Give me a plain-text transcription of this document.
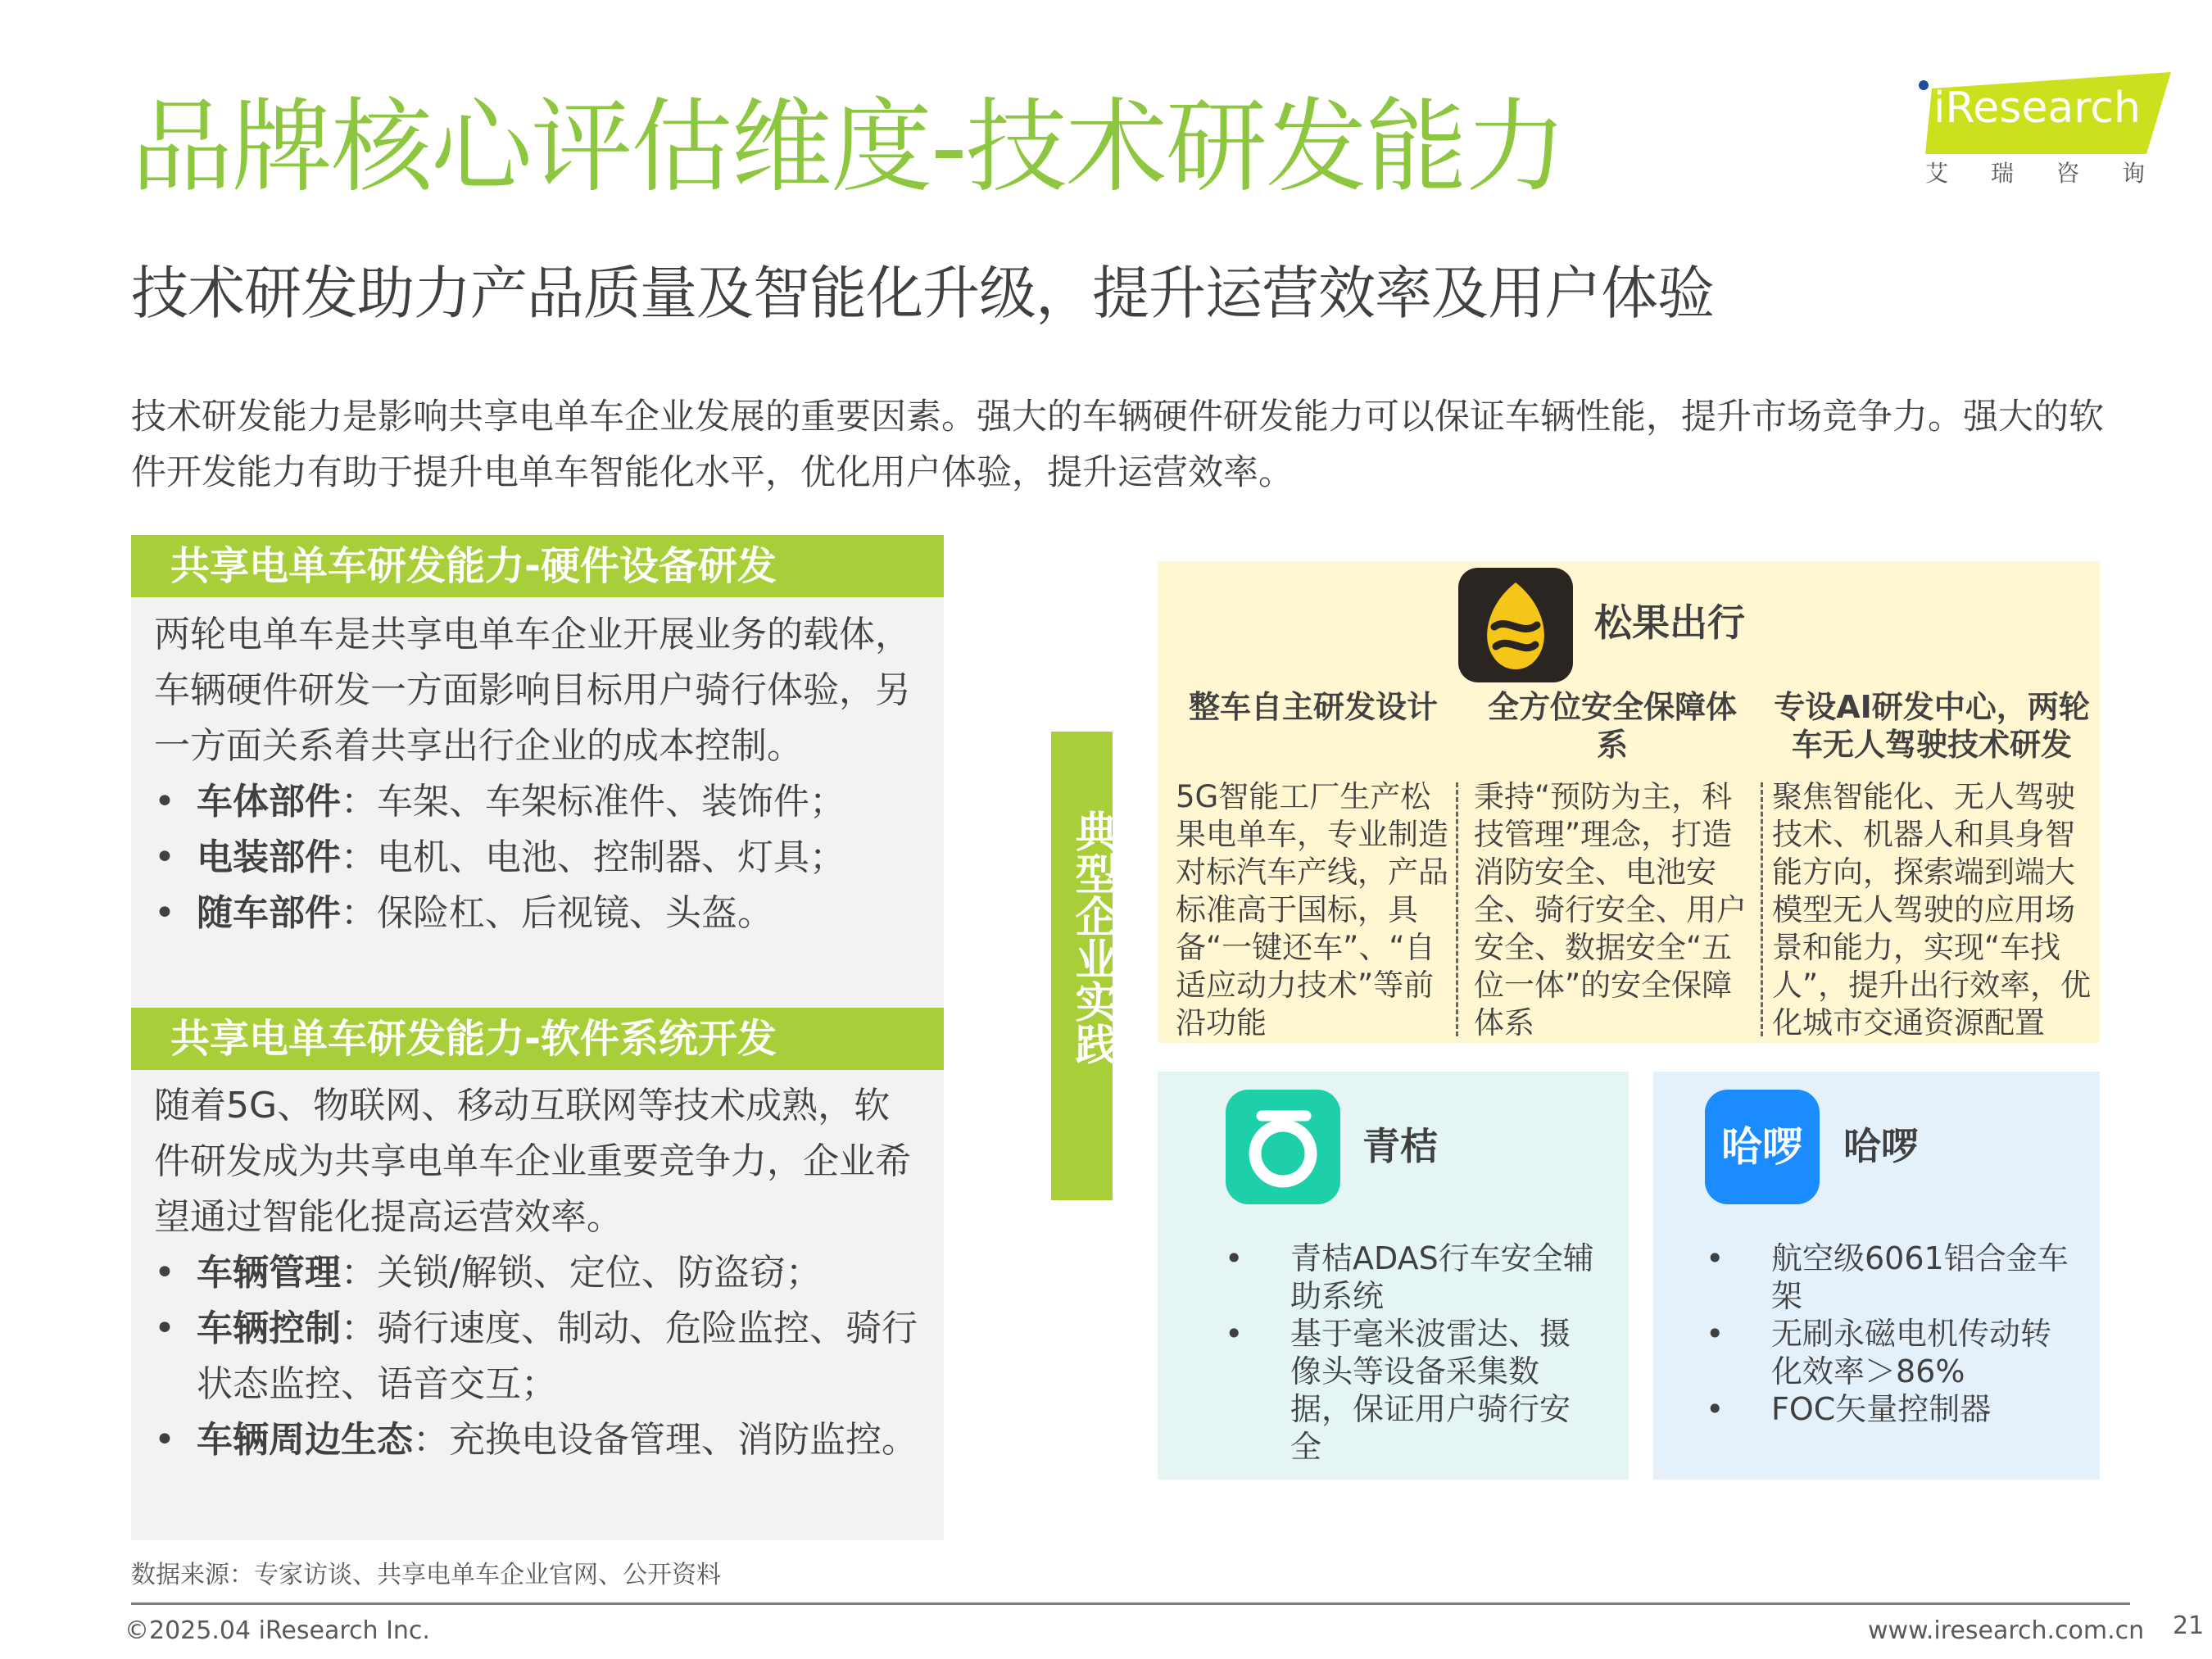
品牌核心评估维度-技术研发能力
技术研发助力产品质量及智能化升级，提升运营效率及用户体验
技术研发能力是影响共享电单车企业发展的重要因素。强大的车辆硬件研发能力可以保证车辆性能，提升市场竞争力。强大的软件开发能力有助于提升电单车智能化水平，优化用户体验，提升运营效率。
iResearch
艾瑞咨询
共享电单车研发能力-硬件设备研发
两轮电单车是共享电单车企业开展业务的载体，车辆硬件研发一方面影响目标用户骑行体验，另一方面关系着共享出行企业的成本控制。
• 车体部件：车架、车架标准件、装饰件；
• 电装部件：电机、电池、控制器、灯具；
• 随车部件：保险杠、后视镜、头盔。
共享电单车研发能力-软件系统开发
随着5G、物联网、移动互联网等技术成熟，软件研发成为共享电单车企业重要竞争力，企业希望通过智能化提高运营效率。
• 车辆管理：关锁/解锁、定位、防盗窃；
• 车辆控制：骑行速度、制动、危险监控、骑行状态监控、语音交互；
• 车辆周边生态：充换电设备管理、消防监控。
典型企业实践
松果出行
整车自主研发设计
5G智能工厂生产松果电单车，专业制造对标汽车产线，产品标准高于国标，具备“一键还车”、“自适应动力技术”等前沿功能
全方位安全保障体系
秉持“预防为主，科技管理”理念，打造消防安全、电池安全、骑行安全、用户安全、数据安全“五位一体”的安全保障体系
专设AI研发中心，两轮车无人驾驶技术研发
聚焦智能化、无人驾驶技术、机器人和具身智能方向，探索端到端大模型无人驾驶的应用场景和能力，实现“车找人”，提升出行效率，优化城市交通资源配置
青桔
• 青桔ADAS行车安全辅助系统
• 基于毫米波雷达、摄像头等设备采集数据，保证用户骑行安全
哈啰	哈啰
• 航空级6061铝合金车架
• 无刷永磁电机传动转化效率＞86%
• FOC矢量控制器
数据来源：专家访谈、共享电单车企业官网、公开资料
©2025.04 iResearch Inc.	www.iresearch.com.cn 21
